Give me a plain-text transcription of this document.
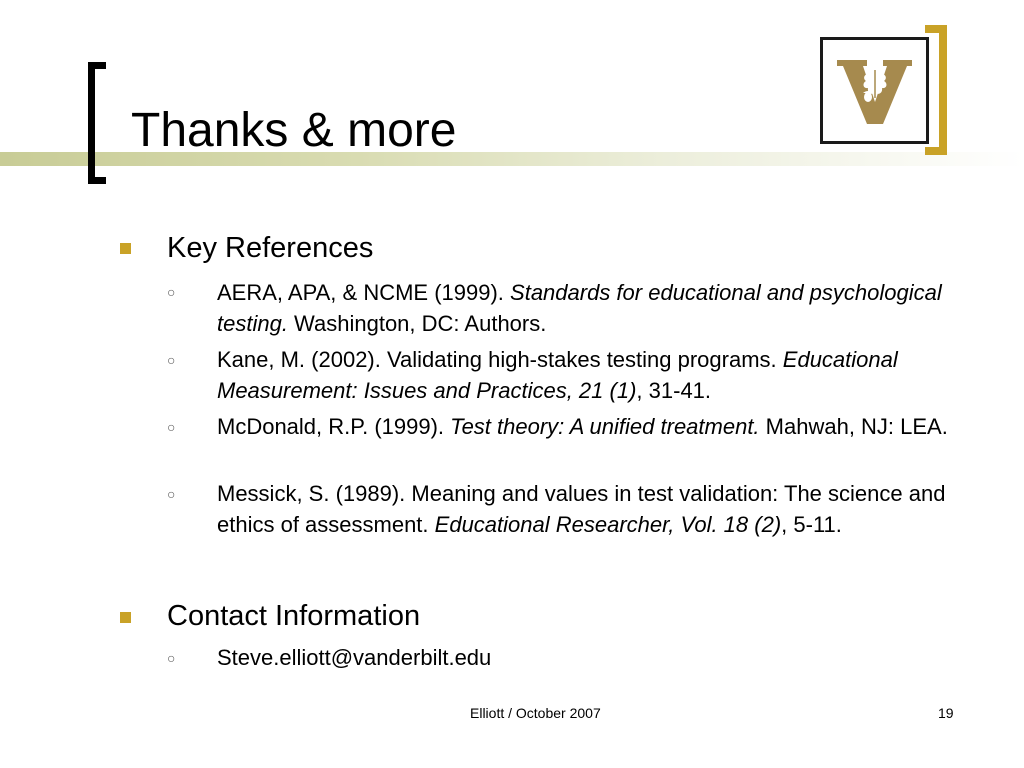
Thanks & more
Key References
○ AERA, APA, & NCME (1999). Standards for educational and psychological testing. Washington, DC: Authors.
○ Kane, M. (2002). Validating high-stakes testing programs. Educational Measurement: Issues and Practices, 21 (1), 31-41.
○ McDonald, R.P. (1999). Test theory: A unified treatment. Mahwah, NJ: LEA.
○ Messick, S. (1989). Meaning and values in test validation: The science and ethics of assessment. Educational Researcher, Vol. 18 (2), 5-11.
Contact Information
○ Steve.elliott@vanderbilt.edu
Elliott / October 2007	19
